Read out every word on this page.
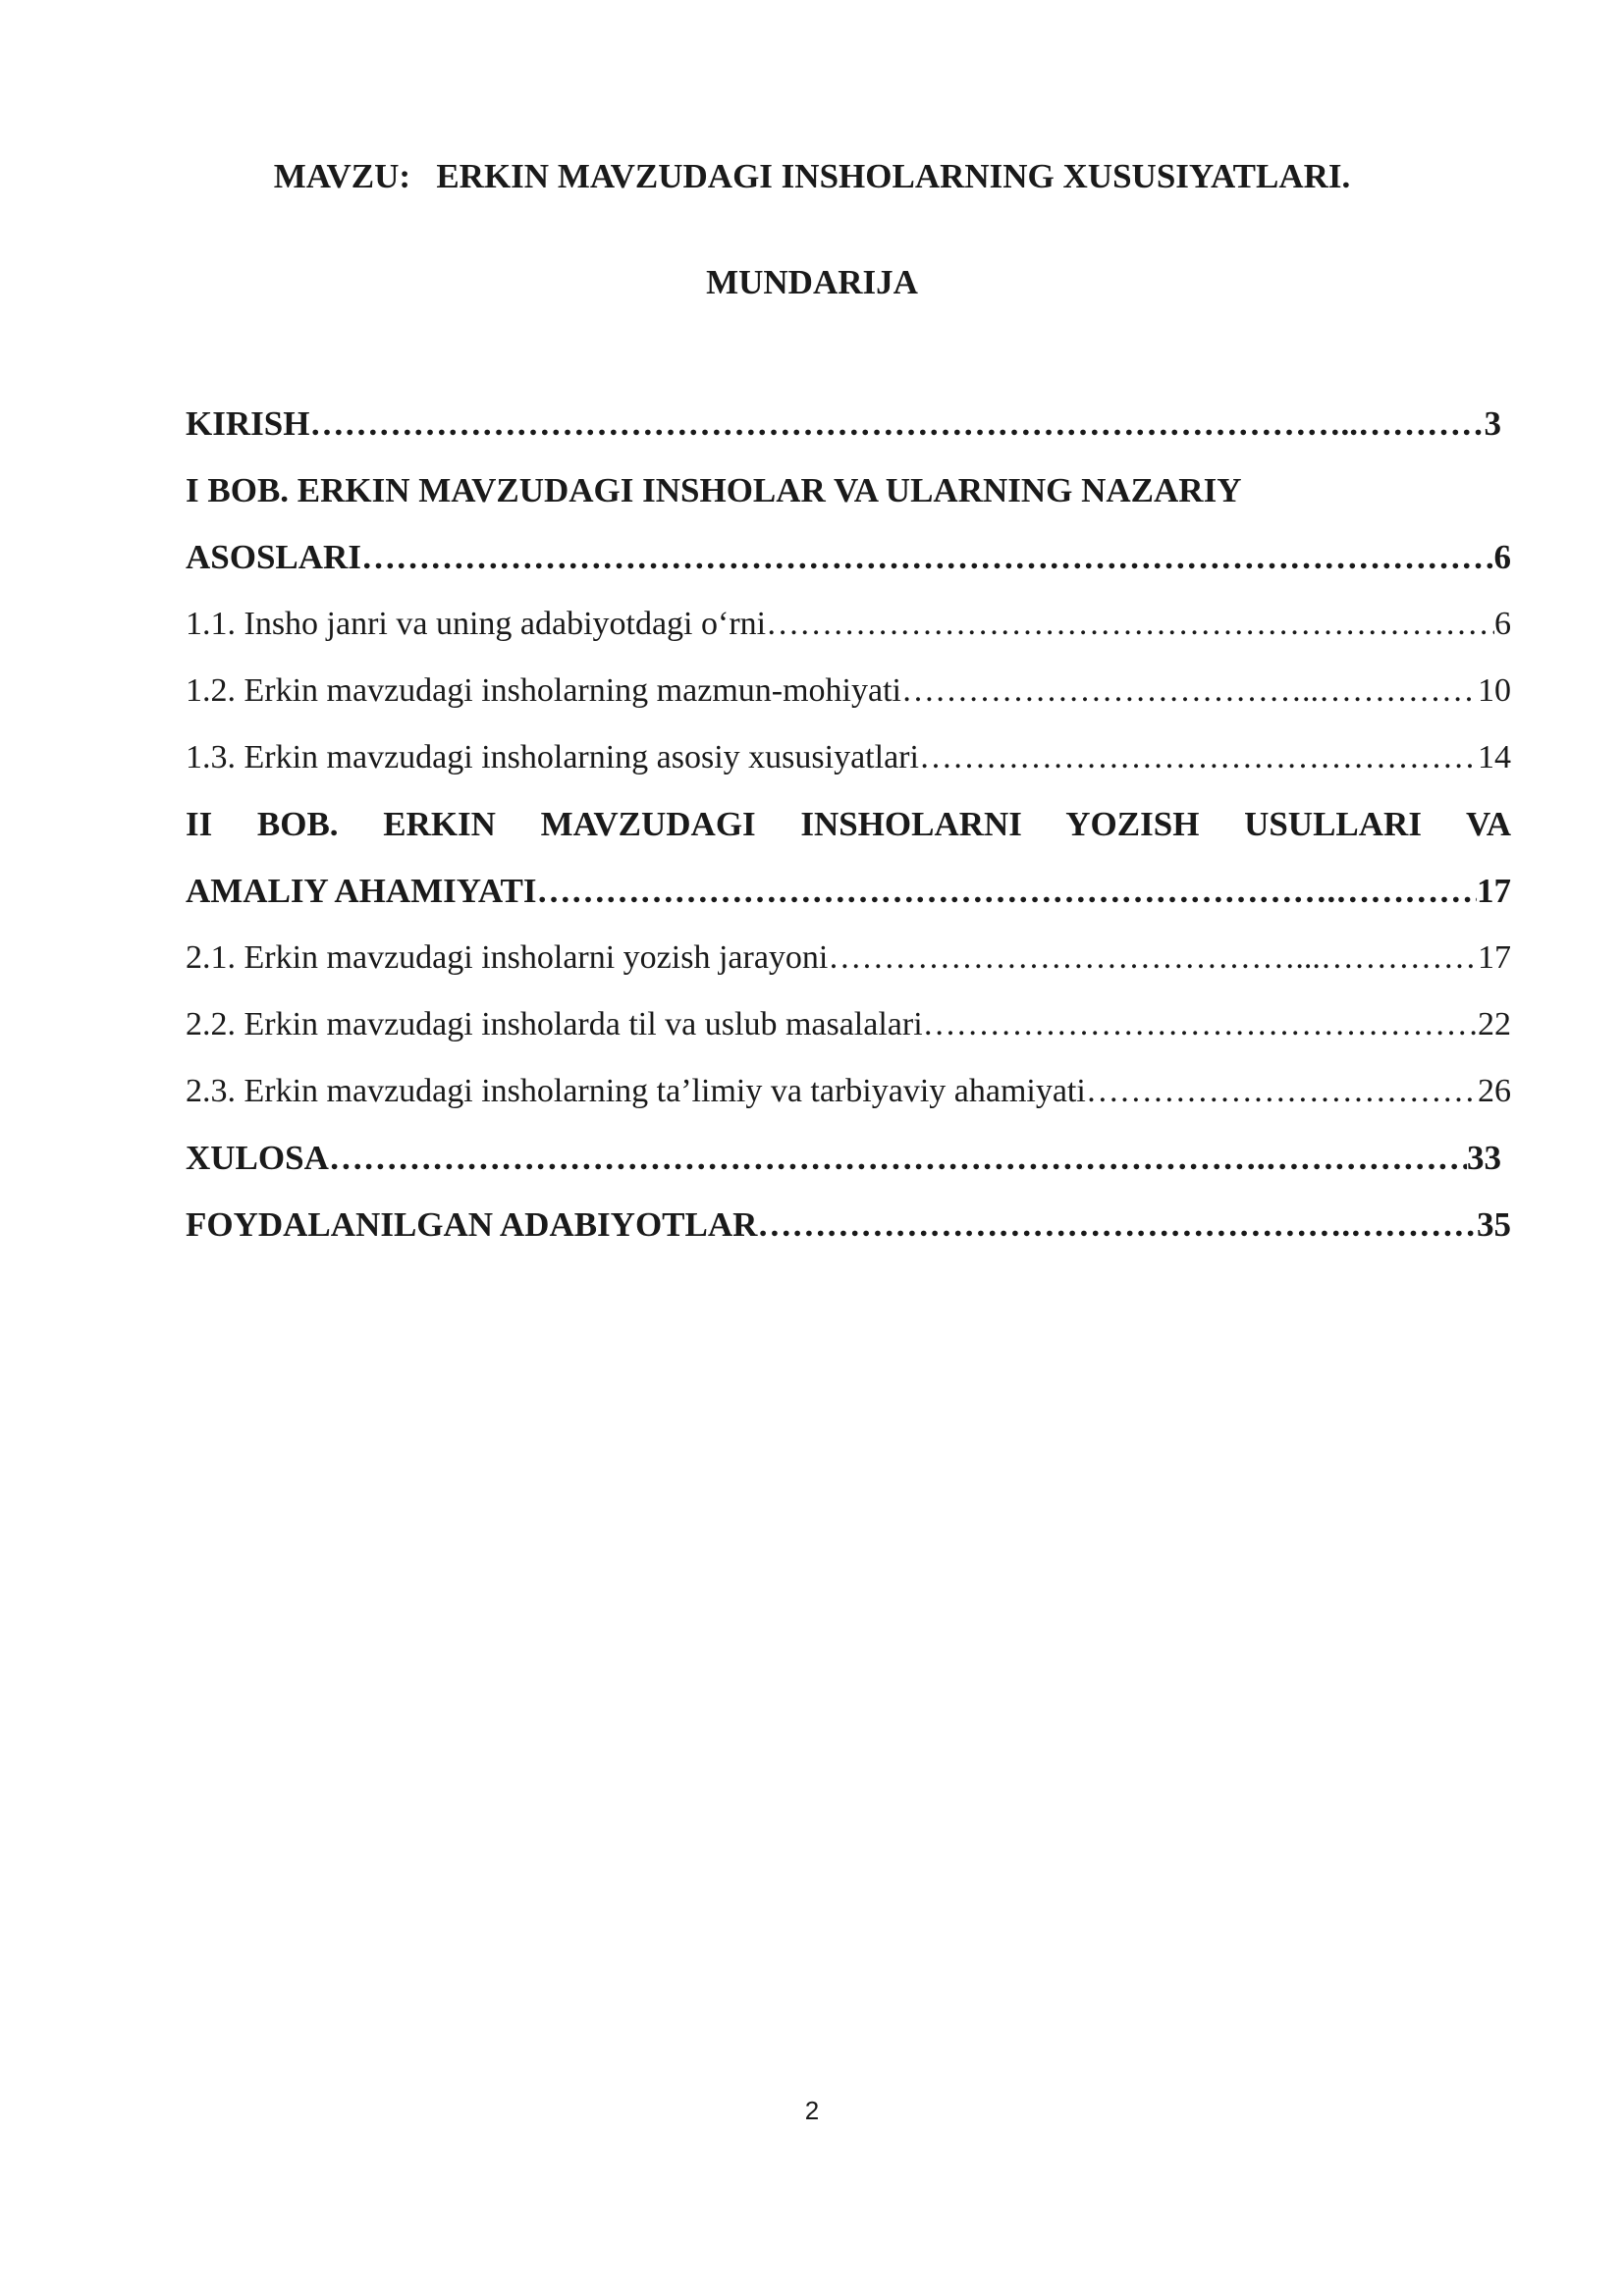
MAVZU:   ERKIN MAVZUDAGI INSHOLARNING XUSUSIYATLARI.
MUNDARIJA
KIRISH ……………………………………………………………………………….. ……………………………………………………………………………………………………………………………………………………………………………………	3
I BOB. ERKIN MAVZUDAGI INSHOLAR VA ULARNING NAZARIY
ASOSLARI ………………………………………………………………………… ……………………………………………………………………………………………………………………………………………………………………………………	6
1.1. Insho janri va uning adabiyotdagi o‘rni …………………………………………… ……………………………………………………………………………………………………………………………………………………………………………………	6
1.2. Erkin mavzudagi insholarning mazmun-mohiyati ……………………………….. ……………………………………………………………………………………………………………………………………………………………………………………	10
1.3. Erkin mavzudagi insholarning asosiy xususiyatlari ……………………………… ……………………………………………………………………………………………………………………………………………………………………………………	14
II BOB. ERKIN MAVZUDAGI INSHOLARNI YOZISH USULLARI VA
AMALIY AHAMIYATI ……………………………………………………………. ……………………………………………………………………………………………………………………………………………………………………………………	17
2.1. Erkin mavzudagi insholarni yozish jarayoni ……………………………………... ……………………………………………………………………………………………………………………………………………………………………………………	17
2.2. Erkin mavzudagi insholarda til va uslub masalalari ……………………………… ……………………………………………………………………………………………………………………………………………………………………………………	22
2.3. Erkin mavzudagi insholarning ta’limiy va tarbiyaviy ahamiyati ………………… ……………………………………………………………………………………………………………………………………………………………………………………	26
XULOSA ………………………………………………………………………. ……………………………………………………………………………………………………………………………………………………………………………………	33
FOYDALANILGAN ADABIYOTLAR ……………………………………………. ……………………………………………………………………………………………………………………………………………………………………………………	35
2
